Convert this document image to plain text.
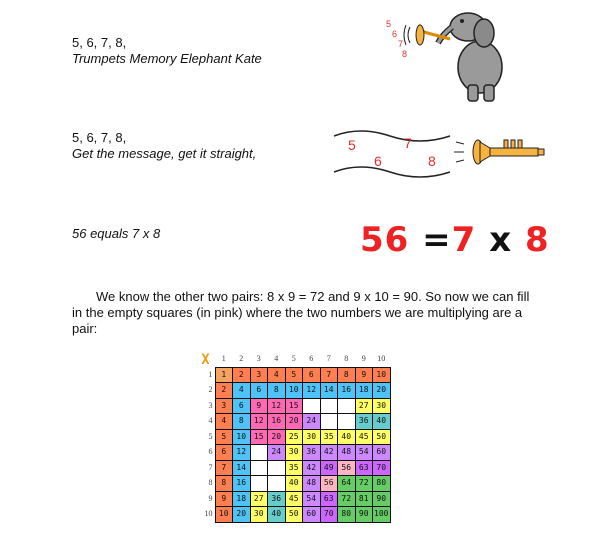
5, 6, 7, 8,
Trumpets Memory Elephant Kate
5
6
7
8
5, 6, 7, 8,
Get the message, get it straight,
5
6
7
8
56 equals 7 x 8	56 =7 x 8
We know the other two pairs: 8 x 9 = 72 and 9 x 10 = 90. So now we can fill in the empty squares (in pink) where the two numbers we are multiplying are a pair:
X	1	2	3	4	5	6	7	8	9	10
1	1	2	3	4	5	6	7	8	9	10
2	2	4	6	8	10	12	14	16	18	20
3	3	6	9	12	15				27	30
4	4	8	12	16	20	24			36	40
5	5	10	15	20	25	30	35	40	45	50
6	6	12		24	30	36	42	48	54	60
7	7	14			35	42	49	56	63	70
8	8	16			40	48	56	64	72	80
9	9	18	27	36	45	54	63	72	81	90
10	10	20	30	40	50	60	70	80	90	100
